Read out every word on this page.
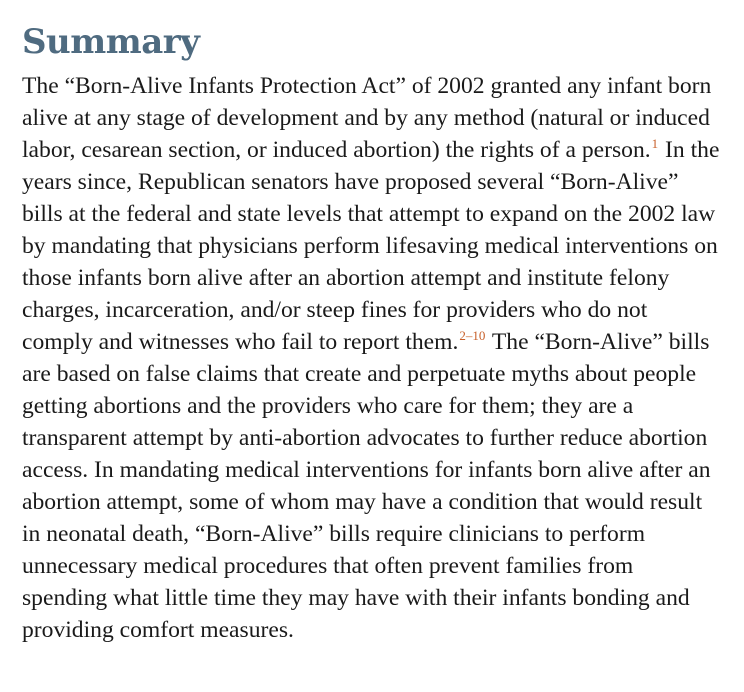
Summary

The “Born-Alive Infants Protection Act” of 2002 granted any infant born alive at any stage of development and by any method (natural or induced labor, cesarean section, or induced abortion) the rights of a person.$^1$ In the years since, Republican senators have proposed several “Born-Alive” bills at the federal and state levels that attempt to expand on the 2002 law by mandating that physicians perform lifesaving medical interventions on those infants born alive after an abortion attempt and institute felony charges, incarceration, and/or steep fines for providers who do not comply and witnesses who fail to report them.$^{2-10}$ The “Born-Alive” bills are based on false claims that create and perpetuate myths about people getting abortions and the providers who care for them; they are a transparent attempt by anti-abortion advocates to further reduce abortion access. In mandating medical interventions for infants born alive after an abortion attempt, some of whom may have a condition that would result in neonatal death, “Born-Alive” bills require clinicians to perform unnecessary medical procedures that often prevent families from spending what little time they may have with their infants bonding and providing comfort measures.
